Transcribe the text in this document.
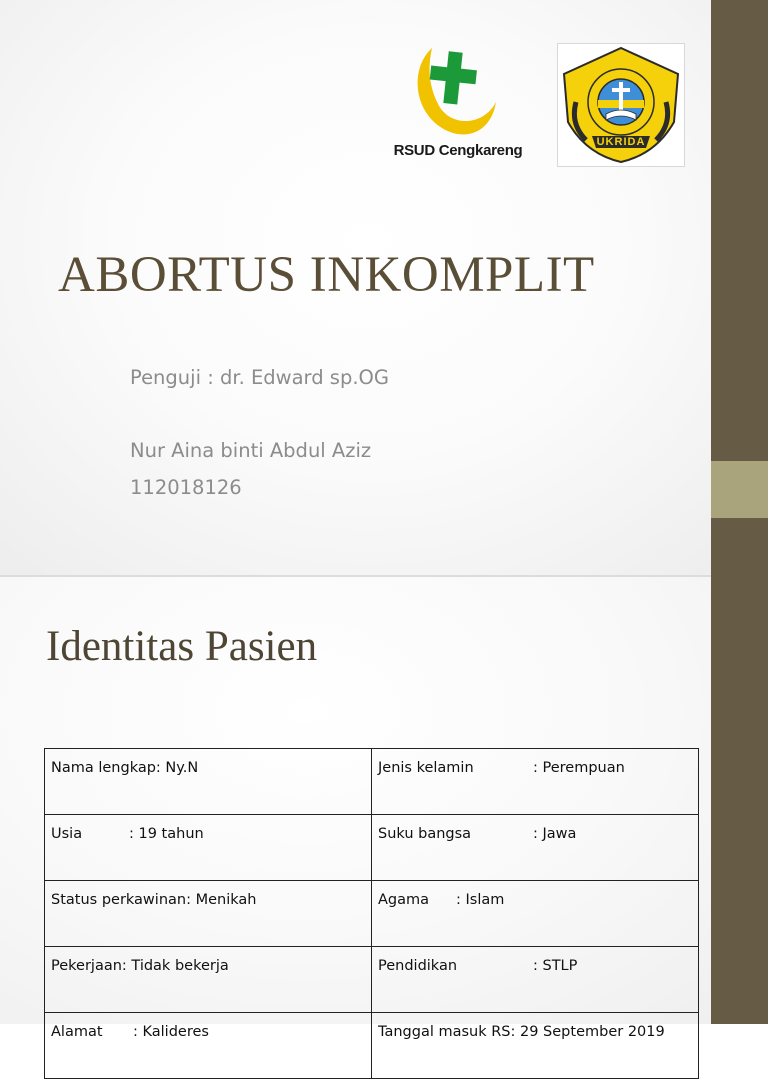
RSUD Cengkareng	UKRIDA
ABORTUS INKOMPLIT
Penguji : dr. Edward sp.OG
Nur Aina binti Abdul Aziz
112018126
Identitas Pasien
Nama lengkap: Ny.N	Jenis kelamin : Perempuan
Usia : 19 tahun	Suku bangsa : Jawa
Status perkawinan: Menikah	Agama : Islam
Pekerjaan: Tidak bekerja	Pendidikan : STLP
Alamat : Kalideres	Tanggal masuk RS: 29 September 2019
